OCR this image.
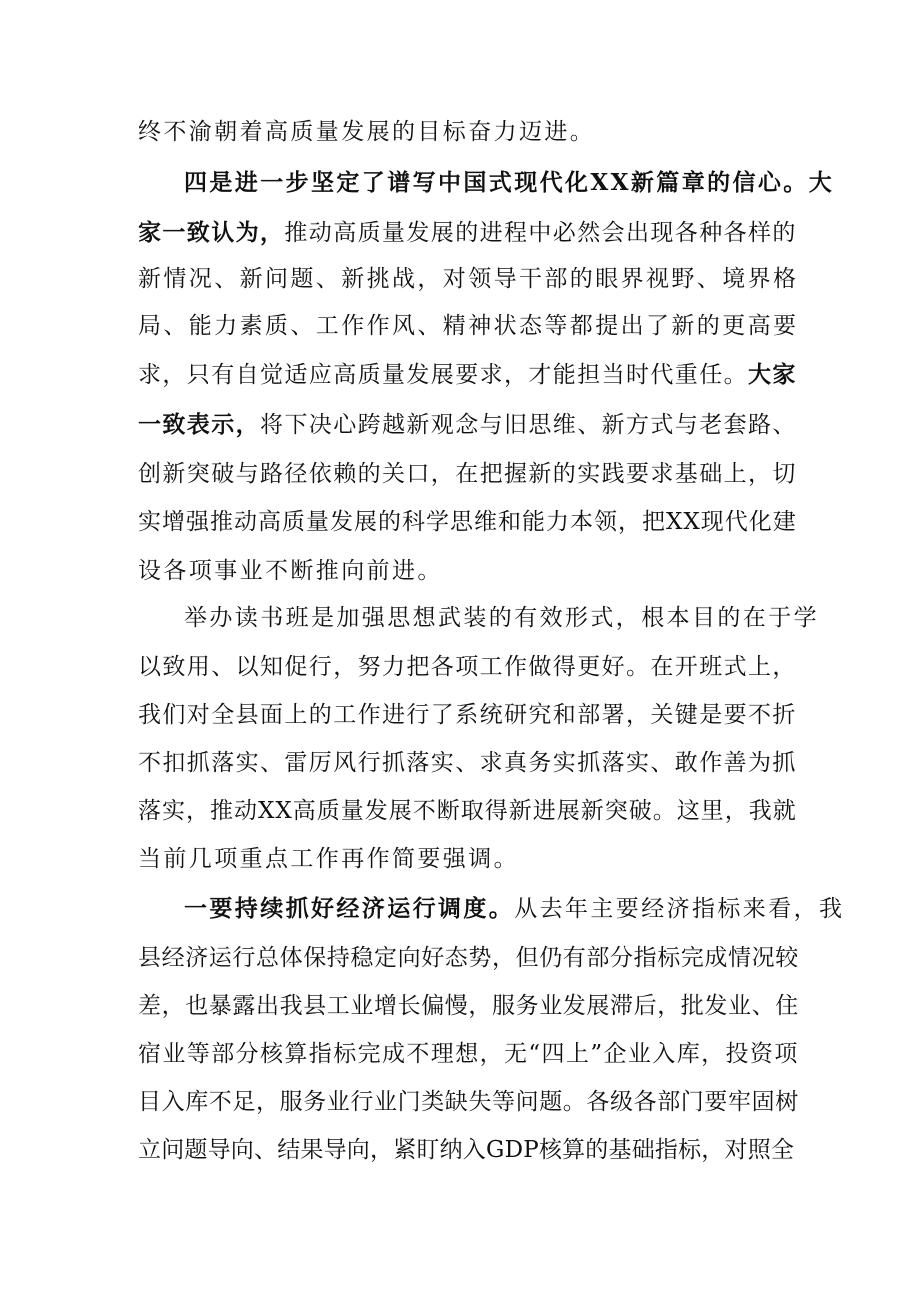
终不渝朝着高质量发展的目标奋力迈进。
四是进一步坚定了谱写中国式现代化XX新篇章的信心。大
家一致认为，推动高质量发展的进程中必然会出现各种各样的
新情况、新问题、新挑战，对领导干部的眼界视野、境界格
局、能力素质、工作作风、精神状态等都提出了新的更高要
求，只有自觉适应高质量发展要求，才能担当时代重任。大家
一致表示，将下决心跨越新观念与旧思维、新方式与老套路、
创新突破与路径依赖的关口，在把握新的实践要求基础上，切
实增强推动高质量发展的科学思维和能力本领，把XX现代化建
设各项事业不断推向前进。
举办读书班是加强思想武装的有效形式，根本目的在于学
以致用、以知促行，努力把各项工作做得更好。在开班式上，
我们对全县面上的工作进行了系统研究和部署，关键是要不折
不扣抓落实、雷厉风行抓落实、求真务实抓落实、敢作善为抓
落实，推动XX高质量发展不断取得新进展新突破。这里，我就
当前几项重点工作再作简要强调。
一要持续抓好经济运行调度。从去年主要经济指标来看，我
县经济运行总体保持稳定向好态势，但仍有部分指标完成情况较
差，也暴露出我县工业增长偏慢，服务业发展滞后，批发业、住
宿业等部分核算指标完成不理想，无“四上”企业入库，投资项
目入库不足，服务业行业门类缺失等问题。各级各部门要牢固树
立问题导向、结果导向，紧盯纳入GDP核算的基础指标，对照全
